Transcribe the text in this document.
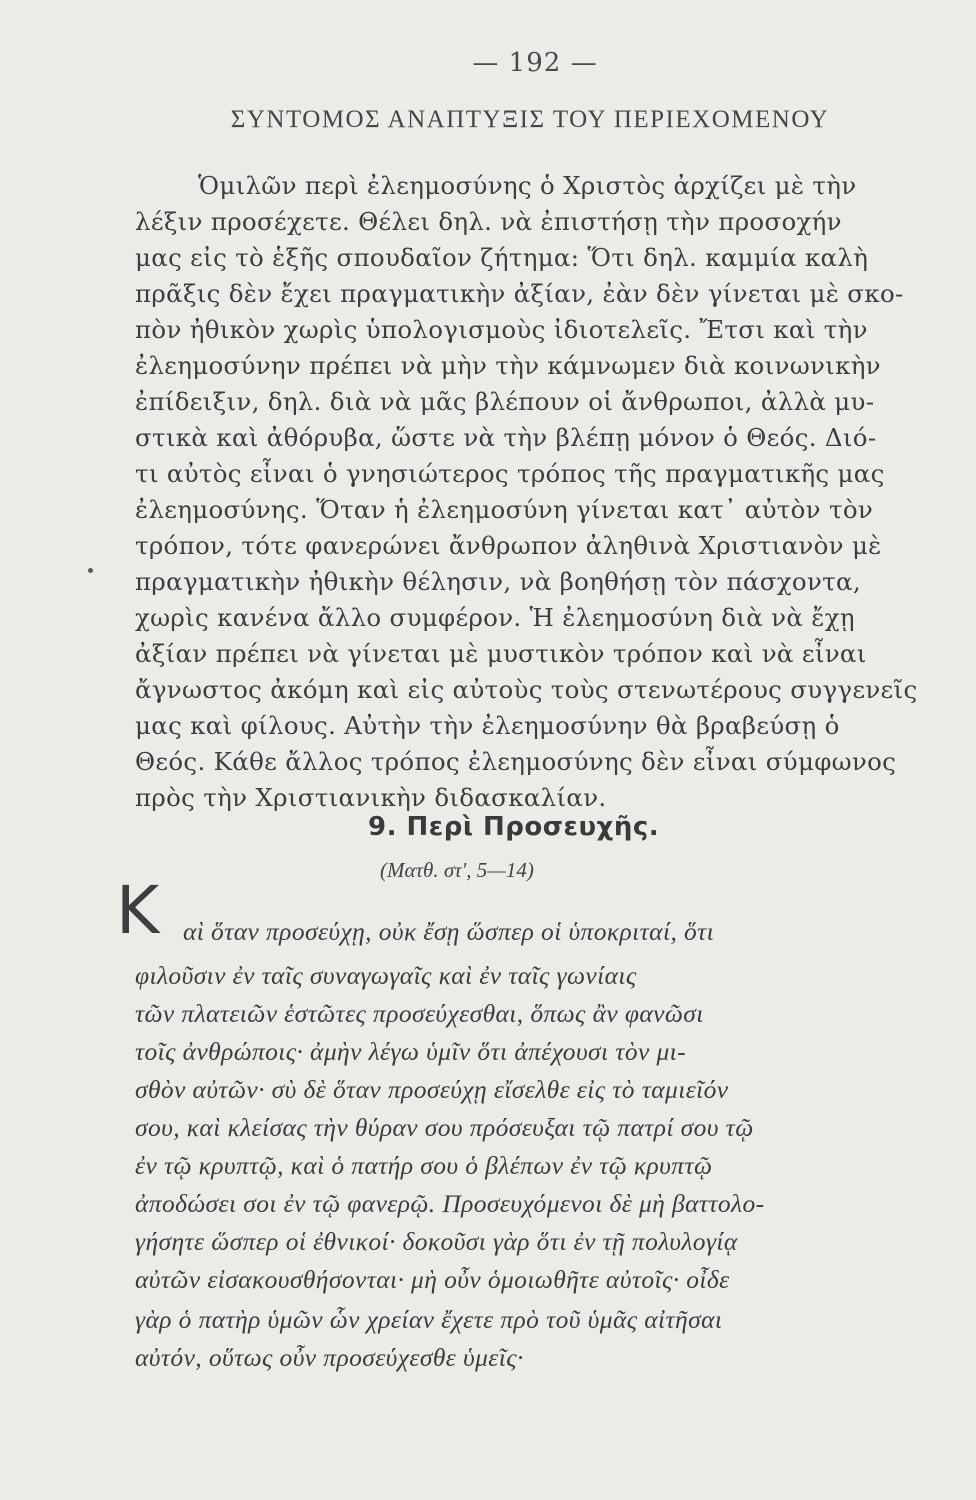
— 192 —
ΣΥΝΤΟΜΟΣ ΑΝΑΠΤΥΞΙΣ ΤΟΥ ΠΕΡΙΕΧΟΜΕΝΟΥ
Ὁμιλῶν περὶ ἐλεημοσύνης ὁ Χριστὸς ἀρχίζει μὲ τὴν
λέξιν προσέχετε. Θέλει δηλ. νὰ ἐπιστήσῃ τὴν προσοχήν
μας εἰς τὸ ἑξῆς σπουδαῖον ζήτημα: Ὅτι δηλ. καμμία καλὴ
πρᾶξις δὲν ἔχει πραγματικὴν ἀξίαν, ἐὰν δὲν γίνεται μὲ σκο-
πὸν ἠθικὸν χωρὶς ὑπολογισμοὺς ἰδιοτελεῖς. Ἔτσι καὶ τὴν
ἐλεημοσύνην πρέπει νὰ μὴν τὴν κάμνωμεν διὰ κοινωνικὴν
ἐπίδειξιν, δηλ. διὰ νὰ μᾶς βλέπουν οἱ ἄνθρωποι, ἀλλὰ μυ-
στικὰ καὶ ἀθόρυβα, ὥστε νὰ τὴν βλέπῃ μόνον ὁ Θεός. Διό-
τι αὐτὸς εἶναι ὁ γνησιώτερος τρόπος τῆς πραγματικῆς μας
ἐλεημοσύνης. Ὅταν ἡ ἐλεημοσύνη γίνεται κατ᾽ αὐτὸν τὸν
τρόπον, τότε φανερώνει ἄνθρωπον ἀληθινὰ Χριστιανὸν μὲ
πραγματικὴν ἠθικὴν θέλησιν, νὰ βοηθήσῃ τὸν πάσχοντα,
χωρὶς κανένα ἄλλο συμφέρον. Ἡ ἐλεημοσύνη διὰ νὰ ἔχῃ
ἀξίαν πρέπει νὰ γίνεται μὲ μυστικὸν τρόπον καὶ νὰ εἶναι
ἄγνωστος ἀκόμη καὶ εἰς αὐτοὺς τοὺς στενωτέρους συγγενεῖς
μας καὶ φίλους. Αὐτὴν τὴν ἐλεημοσύνην θὰ βραβεύσῃ ὁ
Θεός. Κάθε ἄλλος τρόπος ἐλεημοσύνης δὲν εἶναι σύμφωνος
πρὸς τὴν Χριστιανικὴν διδασκαλίαν.
9. Περὶ Προσευχῆς.
(Ματθ. στ', 5—14)
Κ αὶ ὅταν προσεύχῃ, οὐκ ἔσῃ ὥσπερ οἱ ὑποκριταί, ὅτι
φιλοῦσιν ἐν ταῖς συναγωγαῖς καὶ ἐν ταῖς γωνίαις
τῶν πλατειῶν ἑστῶτες προσεύχεσθαι, ὅπως ἂν φανῶσι
τοῖς ἀνθρώποις· ἀμὴν λέγω ὑμῖν ὅτι ἀπέχουσι τὸν μι-
σθὸν αὐτῶν· σὺ δὲ ὅταν προσεύχῃ εἴσελθε εἰς τὸ ταμιεῖόν
σου, καὶ κλείσας τὴν θύραν σου πρόσευξαι τῷ πατρί σου τῷ
ἐν τῷ κρυπτῷ, καὶ ὁ πατήρ σου ὁ βλέπων ἐν τῷ κρυπτῷ
ἀποδώσει σοι ἐν τῷ φανερῷ. Προσευχόμενοι δὲ μὴ βαττολο-
γήσητε ὥσπερ οἱ ἐθνικοί· δοκοῦσι γὰρ ὅτι ἐν τῇ πολυλογίᾳ
αὐτῶν εἰσακουσθήσονται· μὴ οὖν ὁμοιωθῆτε αὐτοῖς· οἶδε
γὰρ ὁ πατὴρ ὑμῶν ὧν χρείαν ἔχετε πρὸ τοῦ ὑμᾶς αἰτῆσαι
αὐτόν, οὕτως οὖν προσεύχεσθε ὑμεῖς·
